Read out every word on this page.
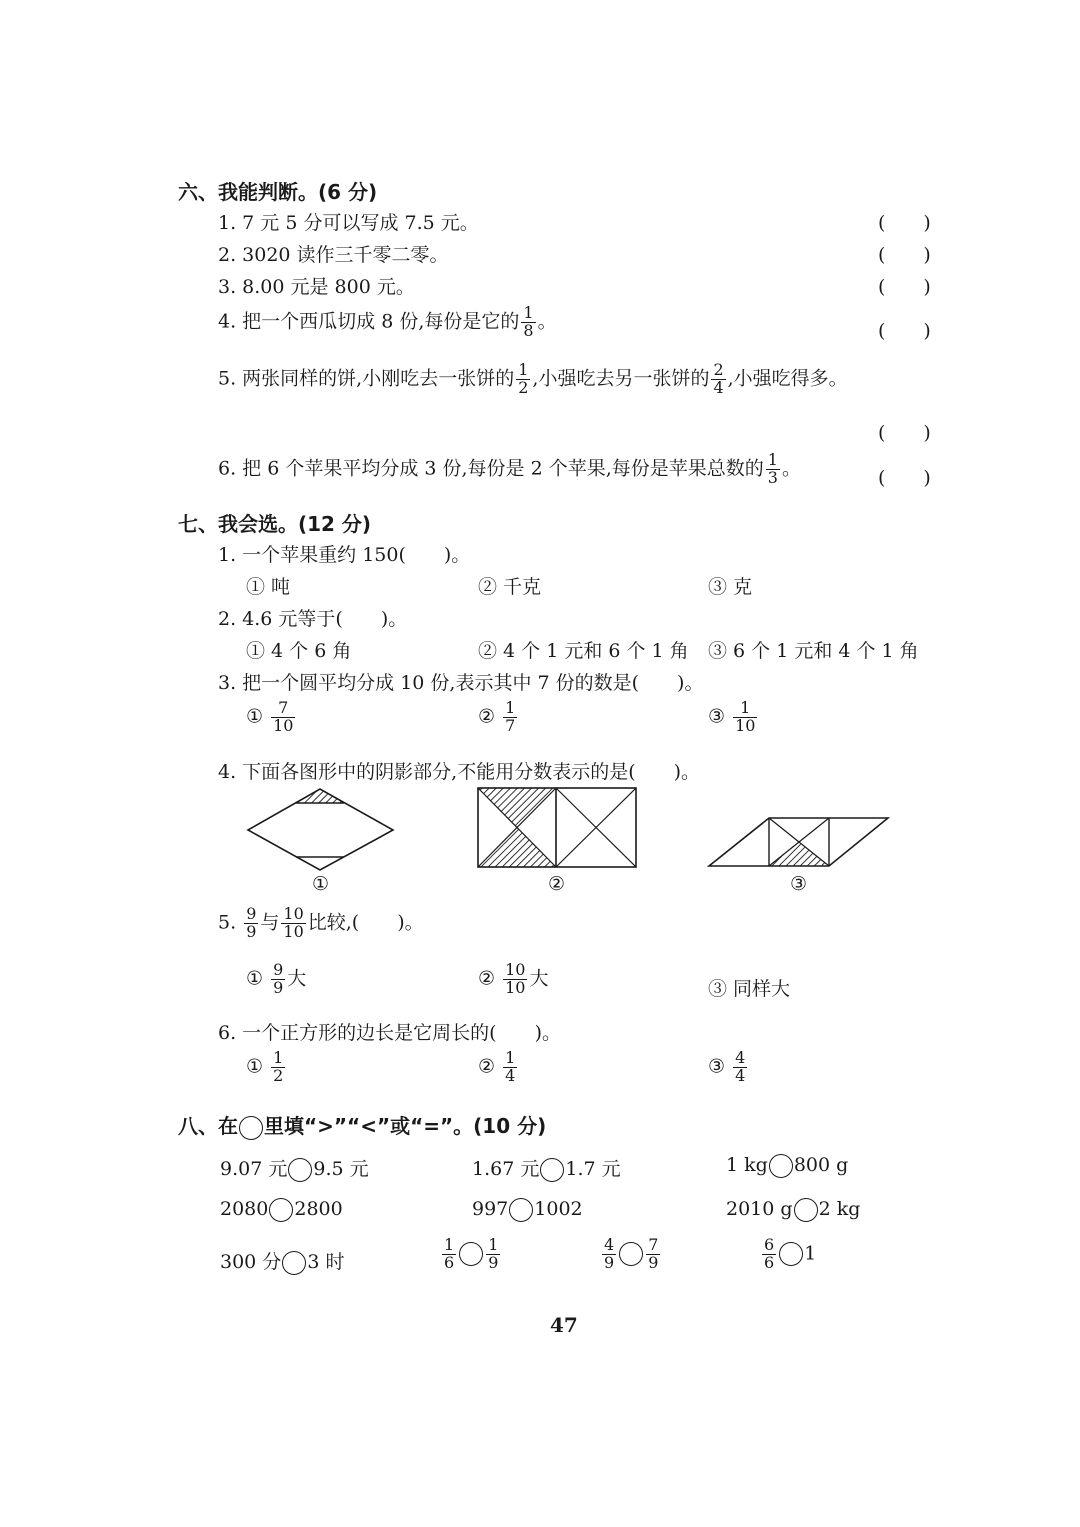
六、我能判断。(6 分)
1. 7 元 5 分可以写成 7.5 元。	(　　)
2. 3020 读作三千零二零。	(　　)
3. 8.00 元是 800 元。	(　　)
4. 把一个西瓜切成 8 份,每份是它的 $\frac{1}{8}$ 。	(　　)
5. 两张同样的饼,小刚吃去一张饼的 $\frac{1}{2}$ ,小强吃去另一张饼的 $\frac{2}{4}$ ,小强吃得多。
(　　)
6. 把 6 个苹果平均分成 3 份,每份是 2 个苹果,每份是苹果总数的 $\frac{1}{3}$ 。	(　　)
七、我会选。(12 分)
1. 一个苹果重约 150(　　)。
① 吨	② 千克	③ 克
2. 4.6 元等于(　　)。
① 4 个 6 角	② 4 个 1 元和 6 个 1 角 ③ 6 个 1 元和 4 个 1 角
3. 把一个圆平均分成 10 份,表示其中 7 份的数是(　　)。
① $\frac{7}{10}$	② $\frac{1}{7}$	③ $\frac{1}{10}$
4. 下面各图形中的阴影部分,不能用分数表示的是(　　)。
①	②	③
5. $\frac{9}{9}$ 与 $\frac{10}{10}$ 比较,(　　)。
① $\frac{9}{9}$ 大	② $\frac{10}{10}$ 大	③ 同样大
6. 一个正方形的边长是它周长的(　　)。
① $\frac{1}{2}$	② $\frac{1}{4}$	③ $\frac{4}{4}$
八、在 里填“>”“<”或“=”。(10 分)
9.07 元 9.5 元	1.67 元 1.7 元	1 kg 800 g
2080 2800	997 1002	2010 g 2 kg
300 分 3 时	$\frac{1}{6} \frac{1}{9}$	$\frac{4}{9} \frac{7}{9}$	$\frac{6}{6} 1$
47
